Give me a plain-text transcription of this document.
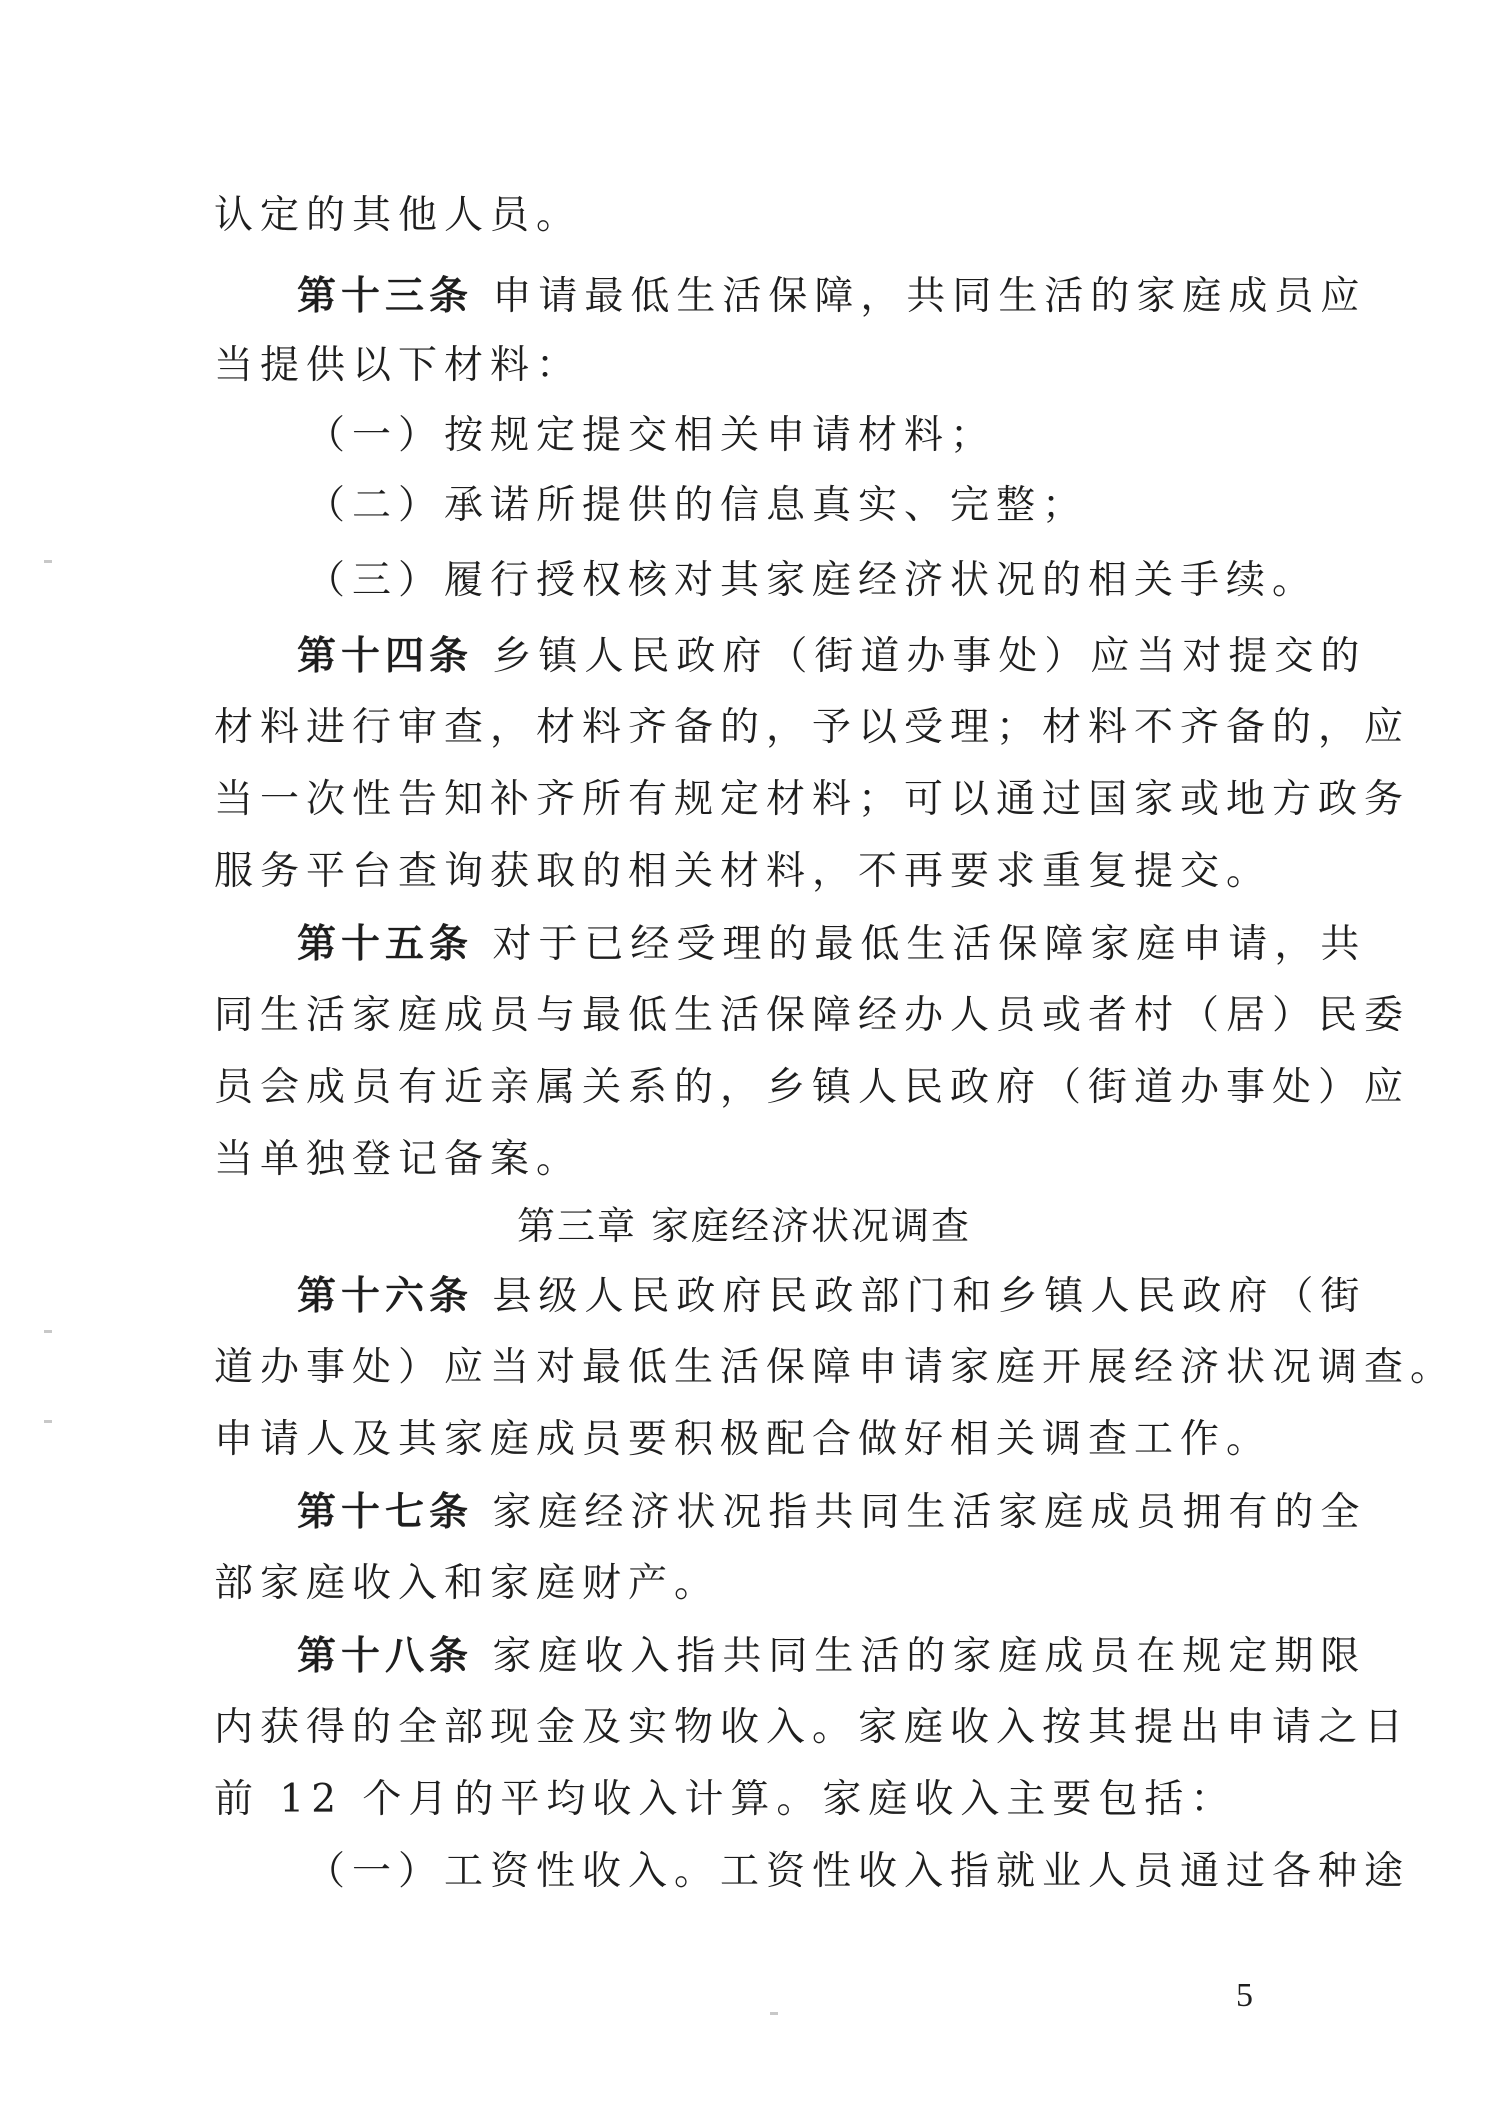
认定的其他人员。
第十三条 申请最低生活保障，共同生活的家庭成员应
当提供以下材料：
（一）按规定提交相关申请材料；
（二）承诺所提供的信息真实、完整；
（三）履行授权核对其家庭经济状况的相关手续。
第十四条 乡镇人民政府（街道办事处）应当对提交的
材料进行审查，材料齐备的，予以受理；材料不齐备的，应
当一次性告知补齐所有规定材料；可以通过国家或地方政务
服务平台查询获取的相关材料，不再要求重复提交。
第十五条 对于已经受理的最低生活保障家庭申请，共
同生活家庭成员与最低生活保障经办人员或者村（居）民委
员会成员有近亲属关系的，乡镇人民政府（街道办事处）应
当单独登记备案。
第三章 家庭经济状况调查
第十六条 县级人民政府民政部门和乡镇人民政府（街
道办事处）应当对最低生活保障申请家庭开展经济状况调查。
申请人及其家庭成员要积极配合做好相关调查工作。
第十七条 家庭经济状况指共同生活家庭成员拥有的全
部家庭收入和家庭财产。
第十八条 家庭收入指共同生活的家庭成员在规定期限
内获得的全部现金及实物收入。家庭收入按其提出申请之日
前 12 个月的平均收入计算。家庭收入主要包括：
（一）工资性收入。工资性收入指就业人员通过各种途
5
